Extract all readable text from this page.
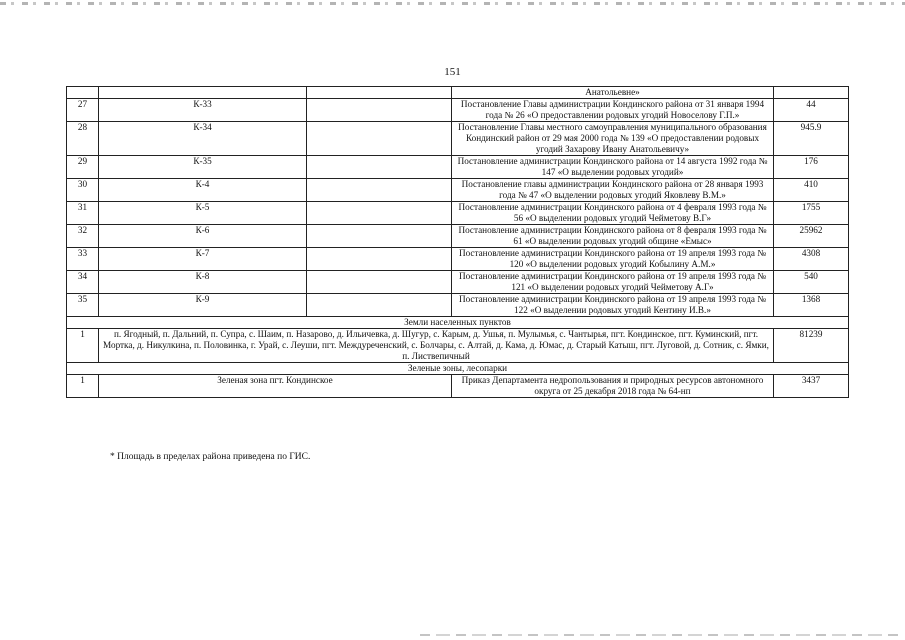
151
			Анатольевне»	
27	К-33		Постановление Главы администрации Кондинского района от 31 января 1994 года № 26 «О предоставлении родовых угодий Новоселову Г.П.»	44
28	К-34		Постановление Главы местного самоуправления муниципального образования Кондинский район от 29 мая 2000 года № 139 «О предоставлении родовых угодий Захарову Ивану Анатольевичу»	945.9
29	К-35		Постановление администрации Кондинского района от 14 августа 1992 года № 147 «О выделении родовых угодий»	176
30	К-4		Постановление главы администрации Кондинского района от 28 января 1993 года № 47 «О выделении родовых угодий Яковлеву В.М.»	410
31	К-5		Постановление администрации Кондинского района от 4 февраля 1993 года № 56 «О выделении родовых угодий Чейметову В.Г»	1755
32	К-6		Постановление администрации Кондинского района от 8 февраля 1993 года № 61 «О выделении родовых угодий общине «Емыс»	25962
33	К-7		Постановление администрации Кондинского района от 19 апреля 1993 года № 120 «О выделении родовых угодий Кобылину А.М.»	4308
34	К-8		Постановление администрации Кондинского района от 19 апреля 1993 года № 121 «О выделении родовых угодий Чейметову А.Г»	540
35	К-9		Постановление администрации Кондинского района от 19 апреля 1993 года № 122 «О выделении родовых угодий Кентину И.В.»	1368
Земли населенных пунктов				
1	п. Ягодный, п. Дальний, п. Супра, с. Шаим, п. Назарово, д. Ильичевка, д. Шугур, с. Карым, д. Ушья, п. Мулымья, с. Чантырья, пгт. Кондинское, пгт. Куминский, пгт. Мортка, д. Никулкина, п. Половинка, г. Урай, с. Леуши, пгт. Междуреченский, с. Болчары, с. Алтай, д. Кама, д. Юмас, д. Старый Катыш, пгт. Луговой, д. Сотник, с. Ямки, п. Листвепичный			81239
Зеленые зоны, лесопарки				
1	Зеленая зона пгт. Кондинское		Приказ Департамента недропользования и природных ресурсов автономного округа от 25 декабря 2018 года № 64-нп	3437
* Площадь в пределах района приведена по ГИС.
